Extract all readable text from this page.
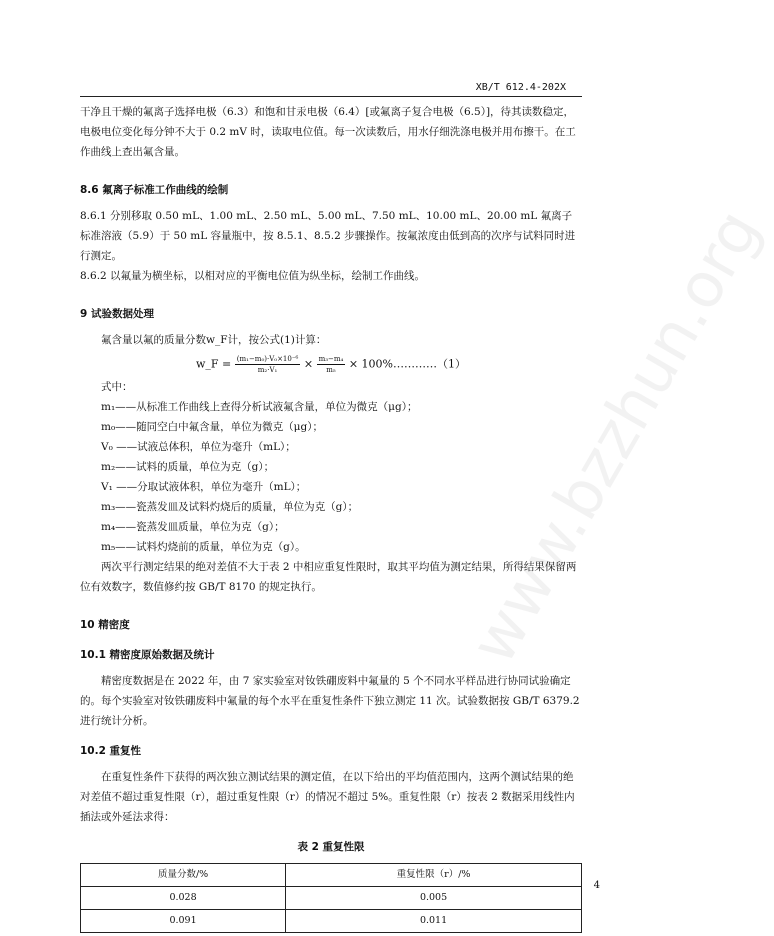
XB/T 612.4-202X
www.bzzhun.org

干净且干燥的氟离子选择电极（6.3）和饱和甘汞电极（6.4）[或氟离子复合电极（6.5）]，待其读数稳定，电极电位变化每分钟不大于 0.2 mV 时，读取电位值。每一次读数后，用水仔细洗涤电极并用布擦干。在工作曲线上查出氟含量。

8.6 氟离子标准工作曲线的绘制

8.6.1 分别移取 0.50 mL、1.00 mL、2.50 mL、5.00 mL、7.50 mL、10.00 mL、20.00 mL 氟离子标准溶液（5.9）于 50 mL 容量瓶中，按 8.5.1、8.5.2 步骤操作。按氟浓度由低到高的次序与试料同时进行测定。

8.6.2 以氟量为横坐标，以相对应的平衡电位值为纵坐标，绘制工作曲线。

9 试验数据处理

氟含量以氟的质量分数w_F计，按公式(1)计算：

w_F = $\frac{\text{(m₁−m₀)·V₀×10⁻⁶}}{\text{m₂·V₁}} \times \frac{\text{m₃−m₄}}{\text{m₅}}$ × 100%…………（1）

式中：

m₁——从标准工作曲线上查得分析试液氟含量，单位为微克（μg）；

m₀——随同空白中氟含量，单位为微克（μg）；

V₀ ——试液总体积，单位为毫升（mL）；

m₂——试料的质量，单位为克（g）；

V₁ ——分取试液体积，单位为毫升（mL）；

m₃——瓷蒸发皿及试料灼烧后的质量，单位为克（g）；

m₄——瓷蒸发皿质量，单位为克（g）；

m₅——试料灼烧前的质量，单位为克（g）。

两次平行测定结果的绝对差值不大于表 2 中相应重复性限时，取其平均值为测定结果，所得结果保留两位有效数字，数值修约按 GB/T 8170 的规定执行。

10 精密度
10.1 精密度原始数据及统计

精密度数据是在 2022 年，由 7 家实验室对钕铁硼废料中氟量的 5 个不同水平样品进行协同试验确定的。每个实验室对钕铁硼废料中氟量的每个水平在重复性条件下独立测定 11 次。试验数据按 GB/T 6379.2 进行统计分析。

10.2 重复性

在重复性条件下获得的两次独立测试结果的测定值，在以下给出的平均值范围内，这两个测试结果的绝对差值不超过重复性限（r），超过重复性限（r）的情况不超过 5%。重复性限（r）按表 2 数据采用线性内插法或外延法求得：

表 2 重复性限
质量分数/%	重复性限（r）/%
0.028	0.005
0.091	0.011
4
